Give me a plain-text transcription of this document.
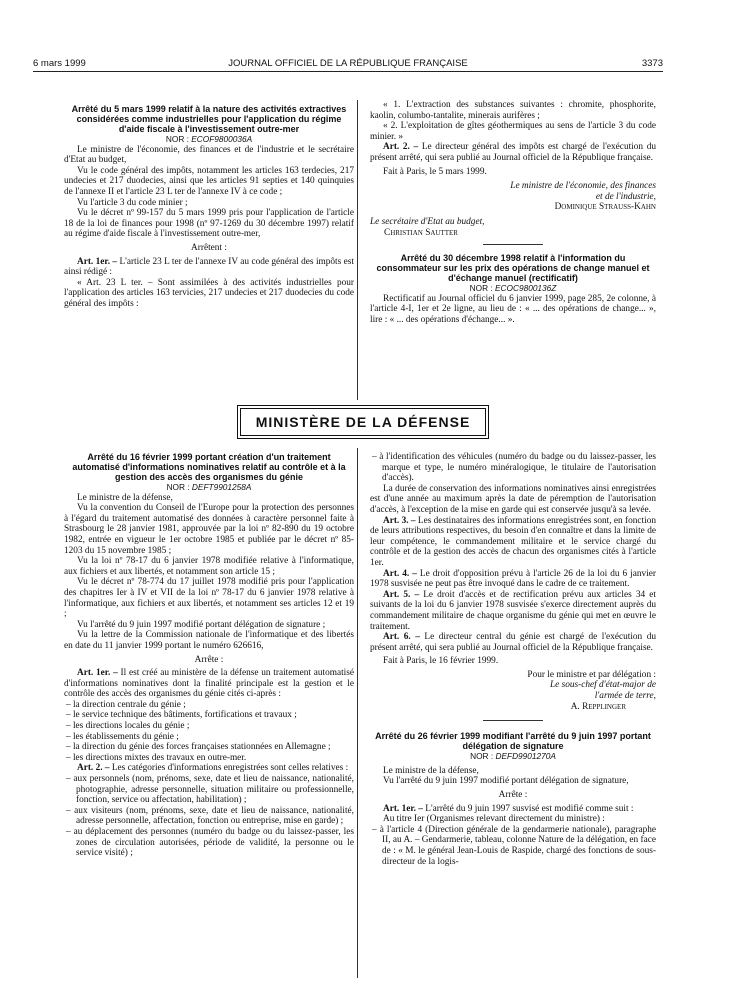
6 mars 1999	JOURNAL OFFICIEL DE LA RÉPUBLIQUE FRANÇAISE	3373

Arrêté du 5 mars 1999 relatif à la nature des activités extractives considérées comme industrielles pour l'application du régime d'aide fiscale à l'investissement outre-mer

NOR : ECOF9800036A

Le ministre de l'économie, des finances et de l'industrie et le secrétaire d'Etat au budget,

Vu le code général des impôts, notamment les articles 163 terdecies, 217 undecies et 217 duodecies, ainsi que les articles 91 septies et 140 quinquies de l'annexe II et l'article 23 L ter de l'annexe IV à ce code ;

Vu l'article 3 du code minier ;

Vu le décret nº 99-157 du 5 mars 1999 pris pour l'application de l'article 18 de la loi de finances pour 1998 (nº 97-1269 du 30 décembre 1997) relatif au régime d'aide fiscale à l'investissement outre-mer,

Arrêtent :

Art. 1er. – L'article 23 L ter de l'annexe IV au code général des impôts est ainsi rédigé :

« Art. 23 L ter. – Sont assimilées à des activités industrielles pour l'application des articles 163 tervicies, 217 undecies et 217 duodecies du code général des impôts :

« 1. L'extraction des substances suivantes : chromite, phosphorite, kaolin, columbo-tantalite, minerais aurifères ;

« 2. L'exploitation de gîtes géothermiques au sens de l'article 3 du code minier. »

Art. 2. – Le directeur général des impôts est chargé de l'exécution du présent arrêté, qui sera publié au Journal officiel de la République française.

Fait à Paris, le 5 mars 1999.

Le ministre de l'économie, des finances et de l'industrie,

Dominique Strauss-Kahn

Le secrétaire d'Etat au budget,

Christian Sautter

Arrêté du 30 décembre 1998 relatif à l'information du consommateur sur les prix des opérations de change manuel et d'échange manuel (rectificatif)

NOR : ECOC9800136Z

Rectificatif au Journal officiel du 6 janvier 1999, page 285, 2e colonne, à l'article 4-I, 1er et 2e ligne, au lieu de : « ... des opérations de change... », lire : « ... des opérations d'échange... ».

MINISTÈRE DE LA DÉFENSE

Arrêté du 16 février 1999 portant création d'un traitement automatisé d'informations nominatives relatif au contrôle et à la gestion des accès des organismes du génie

NOR : DEFT9901258A

Le ministre de la défense,

Vu la convention du Conseil de l'Europe pour la protection des personnes à l'égard du traitement automatisé des données à caractère personnel faite à Strasbourg le 28 janvier 1981, approuvée par la loi nº 82-890 du 19 octobre 1982, entrée en vigueur le 1er octobre 1985 et publiée par le décret nº 85-1203 du 15 novembre 1985 ;

Vu la loi nº 78-17 du 6 janvier 1978 modifiée relative à l'informatique, aux fichiers et aux libertés, et notamment son article 15 ;

Vu le décret nº 78-774 du 17 juillet 1978 modifié pris pour l'application des chapitres Ier à IV et VII de la loi nº 78-17 du 6 janvier 1978 relative à l'informatique, aux fichiers et aux libertés, et notamment ses articles 12 et 19 ;

Vu l'arrêté du 9 juin 1997 modifié portant délégation de signature ;

Vu la lettre de la Commission nationale de l'informatique et des libertés en date du 11 janvier 1999 portant le numéro 626616,

Arrête :

Art. 1er. – Il est créé au ministère de la défense un traitement automatisé d'informations nominatives dont la finalité principale est la gestion et le contrôle des accès des organismes du génie cités ci-après :

– la direction centrale du génie ;

– le service technique des bâtiments, fortifications et travaux ;

– les directions locales du génie ;

– les établissements du génie ;

– la direction du génie des forces françaises stationnées en Allemagne ;

– les directions mixtes des travaux en outre-mer.

Art. 2. – Les catégories d'informations enregistrées sont celles relatives :

– aux personnels (nom, prénoms, sexe, date et lieu de naissance, nationalité, photographie, adresse personnelle, situation militaire ou professionnelle, fonction, service ou affectation, habilitation) ;

– aux visiteurs (nom, prénoms, sexe, date et lieu de naissance, nationalité, adresse personnelle, affectation, fonction ou entreprise, mise en garde) ;

– au déplacement des personnes (numéro du badge ou du laissez-passer, les zones de circulation autorisées, période de validité, la personne ou le service visité) ;

– à l'identification des véhicules (numéro du badge ou du laissez-passer, les marque et type, le numéro minéralogique, le titulaire de l'autorisation d'accès).

La durée de conservation des informations nominatives ainsi enregistrées est d'une année au maximum après la date de péremption de l'autorisation d'accès, à l'exception de la mise en garde qui est conservée jusqu'à sa levée.

Art. 3. – Les destinataires des informations enregistrées sont, en fonction de leurs attributions respectives, du besoin d'en connaître et dans la limite de leur compétence, le commandement militaire et le service chargé du contrôle et de la gestion des accès de chacun des organismes cités à l'article 1er.

Art. 4. – Le droit d'opposition prévu à l'article 26 de la loi du 6 janvier 1978 susvisée ne peut pas être invoqué dans le cadre de ce traitement.

Art. 5. – Le droit d'accès et de rectification prévu aux articles 34 et suivants de la loi du 6 janvier 1978 susvisée s'exerce directement auprès du commandement militaire de chaque organisme du génie qui met en œuvre le traitement.

Art. 6. – Le directeur central du génie est chargé de l'exécution du présent arrêté, qui sera publié au Journal officiel de la République française.

Fait à Paris, le 16 février 1999.

Pour le ministre et par délégation :

Le sous-chef d'état-major de l'armée de terre,

A. Repplinger

Arrêté du 26 février 1999 modifiant l'arrêté du 9 juin 1997 portant délégation de signature

NOR : DEFD9901270A

Le ministre de la défense,

Vu l'arrêté du 9 juin 1997 modifié portant délégation de signature,

Arrête :

Art. 1er. – L'arrêté du 9 juin 1997 susvisé est modifié comme suit :

Au titre Ier (Organismes relevant directement du ministre) :

– à l'article 4 (Direction générale de la gendarmerie nationale), paragraphe II, au A. – Gendarmerie, tableau, colonne Nature de la délégation, en face de : « M. le général Jean-Louis de Raspide, chargé des fonctions de sous-directeur de la logis-
